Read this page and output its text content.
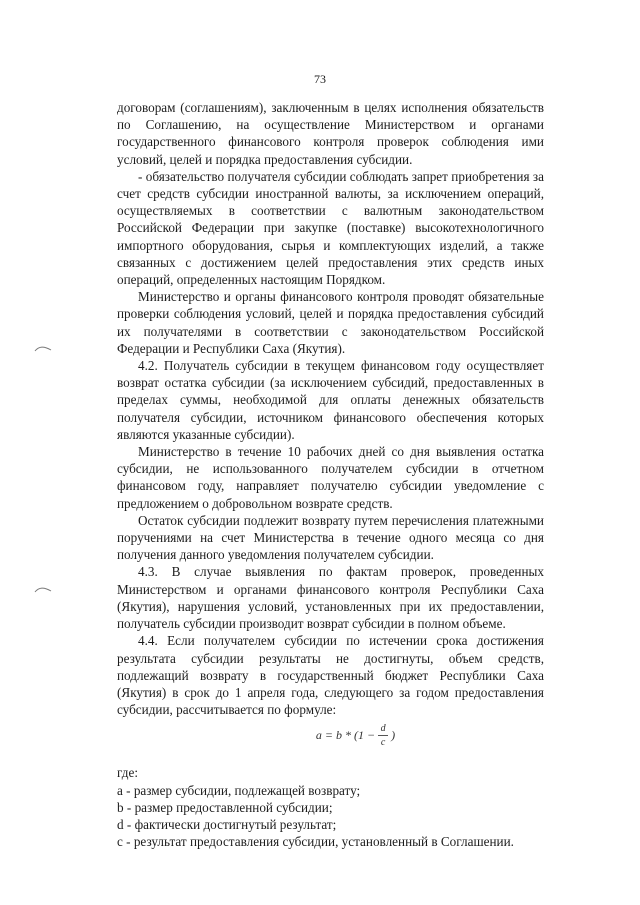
73

договорам (соглашениям), заключенным в целях исполнения обязательств по Соглашению, на осуществление Министерством и органами государственного финансового контроля проверок соблюдения ими условий, целей и порядка предоставления субсидии.

- обязательство получателя субсидии соблюдать запрет приобретения за счет средств субсидии иностранной валюты, за исключением операций, осуществляемых в соответствии с валютным законодательством Российской Федерации при закупке (поставке) высокотехнологичного импортного оборудования, сырья и комплектующих изделий, а также связанных с достижением целей предоставления этих средств иных операций, определенных настоящим Порядком.

Министерство и органы финансового контроля проводят обязательные проверки соблюдения условий, целей и порядка предоставления субсидий их получателями в соответствии с законодательством Российской Федерации и Республики Саха (Якутия).

4.2. Получатель субсидии в текущем финансовом году осуществляет возврат остатка субсидии (за исключением субсидий, предоставленных в пределах суммы, необходимой для оплаты денежных обязательств получателя субсидии, источником финансового обеспечения которых являются указанные субсидии).

Министерство в течение 10 рабочих дней со дня выявления остатка субсидии, не использованного получателем субсидии в отчетном финансовом году, направляет получателю субсидии уведомление с предложением о добровольном возврате средств.

Остаток субсидии подлежит возврату путем перечисления платежными поручениями на счет Министерства в течение одного месяца со дня получения данного уведомления получателем субсидии.

4.3. В случае выявления по фактам проверок, проведенных Министерством и органами финансового контроля Республики Саха (Якутия), нарушения условий, установленных при их предоставлении, получатель субсидии производит возврат субсидии в полном объеме.

4.4. Если получателем субсидии по истечении срока достижения результата субсидии результаты не достигнуты, объем средств, подлежащий возврату в государственный бюджет Республики Саха (Якутия) в срок до 1 апреля года, следующего за годом предоставления субсидии, рассчитывается по формуле:

$a = b * (1 - \frac{d}{c}$ )

где:

a - размер субсидии, подлежащей возврату;

b - размер предоставленной субсидии;

d - фактически достигнутый результат;

c - результат предоставления субсидии, установленный в Соглашении.
